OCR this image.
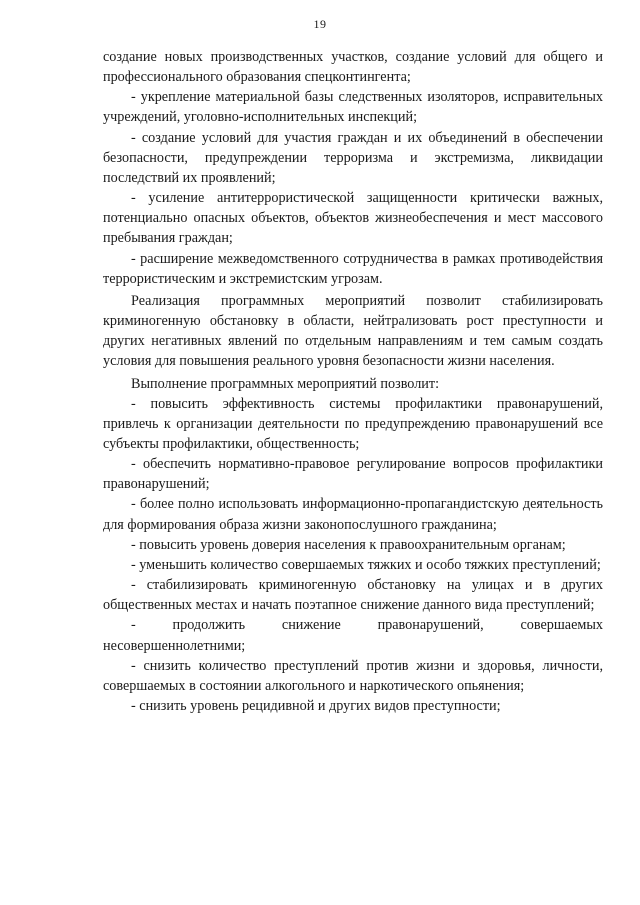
19

создание новых производственных участков, создание условий для общего и профессионального образования спецконтингента;

- укрепление материальной базы следственных изоляторов, исправительных учреждений, уголовно-исполнительных инспекций;

- создание условий для участия граждан и их объединений в обеспечении безопасности, предупреждении терроризма и экстремизма, ликвидации последствий их проявлений;

- усиление антитеррористической защищенности критически важных, потенциально опасных объектов, объектов жизнеобеспечения и мест массового пребывания граждан;

- расширение межведомственного сотрудничества в рамках противодействия террористическим и экстремистским угрозам.

Реализация программных мероприятий позволит стабилизировать криминогенную обстановку в области, нейтрализовать рост преступности и других негативных явлений по отдельным направлениям и тем самым создать условия для повышения реального уровня безопасности жизни населения.

Выполнение программных мероприятий позволит:

- повысить эффективность системы профилактики правонарушений, привлечь к организации деятельности по предупреждению правонарушений все субъекты профилактики, общественность;

- обеспечить нормативно-правовое регулирование вопросов профилактики правонарушений;

- более полно использовать информационно-пропагандистскую деятельность для формирования образа жизни законопослушного гражданина;

- повысить уровень доверия населения к правоохранительным органам;

- уменьшить количество совершаемых тяжких и особо тяжких преступлений;

- стабилизировать криминогенную обстановку на улицах и в других общественных местах и начать поэтапное снижение данного вида преступлений;

- продолжить снижение правонарушений, совершаемых несовершеннолетними;

- снизить количество преступлений против жизни и здоровья, личности, совершаемых в состоянии алкогольного и наркотического опьянения;

- снизить уровень рецидивной и других видов преступности;
